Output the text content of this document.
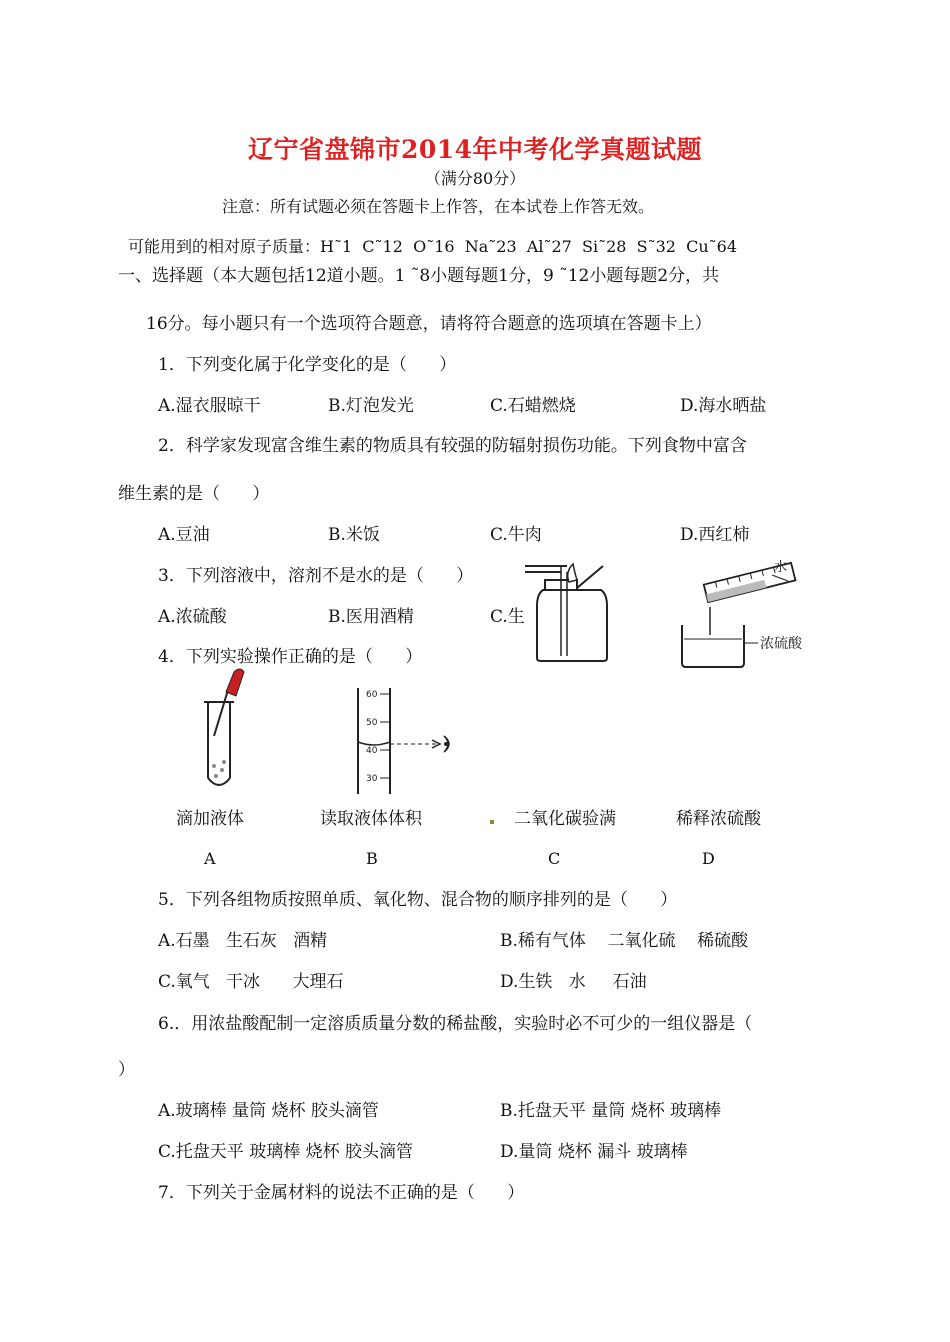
辽宁省盘锦市2014年中考化学真题试题
（满分80分）
注意：所有试题必须在答题卡上作答，在本试卷上作答无效。
可能用到的相对原子质量：H˜1  C˜12  O˜16  Na˜23  Al˜27  Si˜28  S˜32  Cu˜64
一、选择题（本大题包括12道小题。1 ˜8小题每题1分，9 ˜12小题每题2分，共
16分。每小题只有一个选项符合题意，请将符合题意的选项填在答题卡上）
1．下列变化属于化学变化的是（      ）
A.湿衣服晾干	B.灯泡发光	C.石蜡燃烧	D.海水晒盐
2．科学家发现富含维生素的物质具有较强的防辐射损伤功能。下列食物中富含
维生素的是（      ）
A.豆油	B.米饭	C.牛肉	D.西红柿
3．下列溶液中，溶剂不是水的是（      ）
A.浓硫酸	B.医用酒精	C.生
浓硫酸
水
4．下列实验操作正确的是（      ）
60
50
40
30
滴加液体	读取液体体积	二氧化碳验满	稀释浓硫酸
A	B	C	D
5．下列各组物质按照单质、氧化物、混合物的顺序排列的是（      ）
A.石墨   生石灰   酒精	B.稀有气体    二氧化硫    稀硫酸
C.氧气   干冰      大理石	D.生铁   水     石油
6.．用浓盐酸配制一定溶质质量分数的稀盐酸，实验时必不可少的一组仪器是（
）
A.玻璃棒 量筒 烧杯 胶头滴管	B.托盘天平 量筒 烧杯 玻璃棒
C.托盘天平 玻璃棒 烧杯 胶头滴管	D.量筒 烧杯 漏斗 玻璃棒
7．下列关于金属材料的说法不正确的是（      ）
